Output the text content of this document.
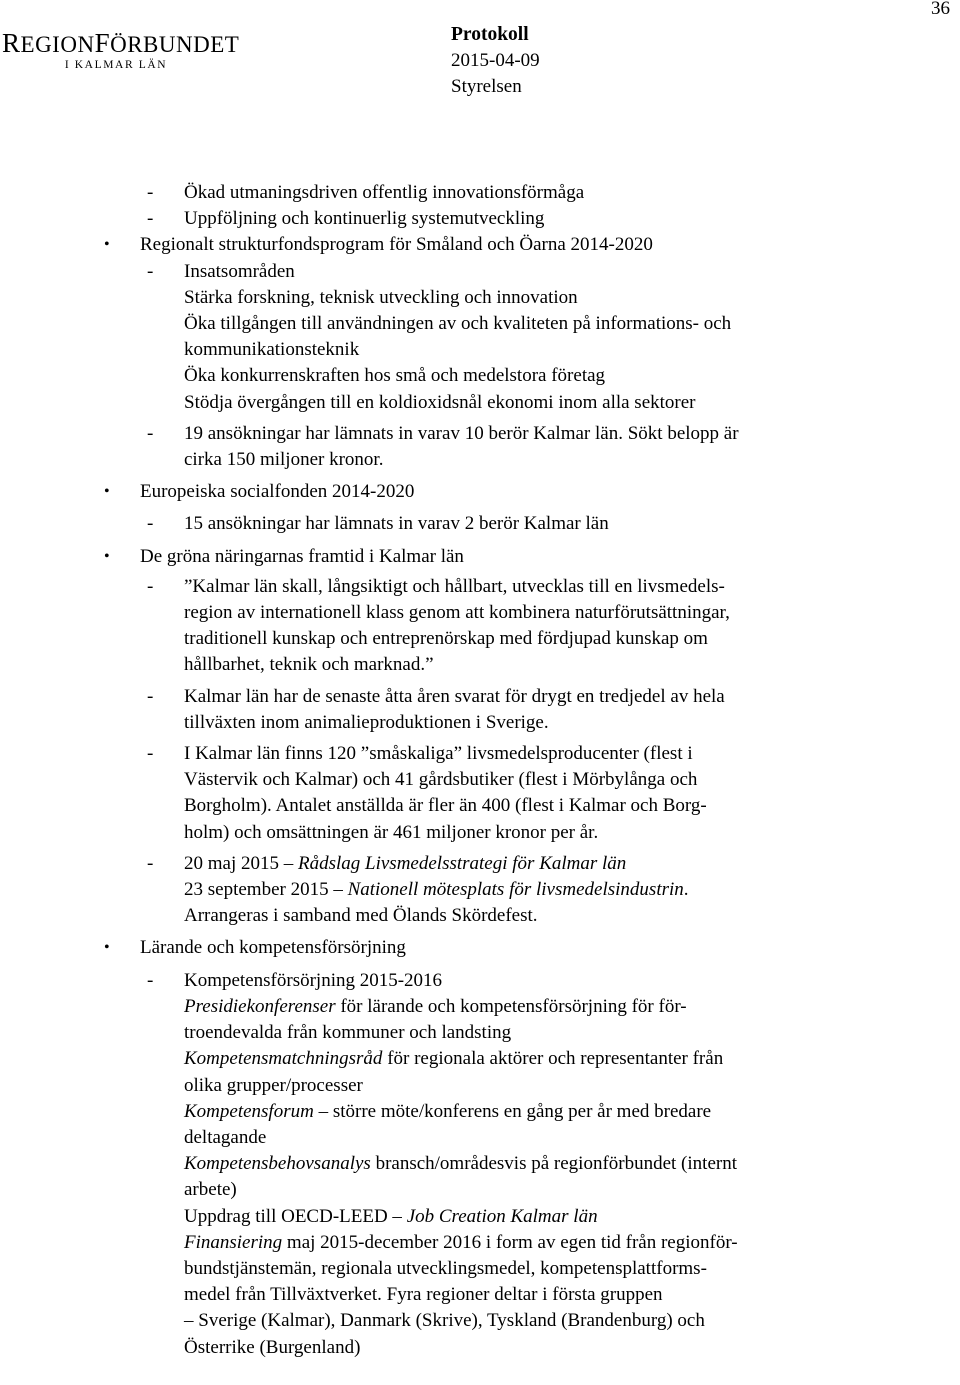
36
REGIONFÖRBUNDET
I KALMAR LÄN
Protokoll
2015-04-09
Styrelsen
- Ökad utmaningsdriven offentlig innovationsförmåga
- Uppföljning och kontinuerlig systemutveckling
• Regionalt strukturfondsprogram för Småland och Öarna 2014-2020
- Insatsområden
Stärka forskning, teknisk utveckling och innovation
Öka tillgången till användningen av och kvaliteten på informations- och
kommunikationsteknik
Öka konkurrenskraften hos små och medelstora företag
Stödja övergången till en koldioxidsnål ekonomi inom alla sektorer
- 19 ansökningar har lämnats in varav 10 berör Kalmar län. Sökt belopp är
cirka 150 miljoner kronor.
• Europeiska socialfonden 2014-2020
- 15 ansökningar har lämnats in varav 2 berör Kalmar län
• De gröna näringarnas framtid i Kalmar län
- ”Kalmar län skall, långsiktigt och hållbart, utvecklas till en livsmedels-
region av internationell klass genom att kombinera naturförutsättningar,
traditionell kunskap och entreprenörskap med fördjupad kunskap om
hållbarhet, teknik och marknad.”
- Kalmar län har de senaste åtta åren svarat för drygt en tredjedel av hela
tillväxten inom animalieproduktionen i Sverige.
- I Kalmar län finns 120 ”småskaliga” livsmedelsproducenter (flest i
Västervik och Kalmar) och 41 gårdsbutiker (flest i Mörbylånga och
Borgholm). Antalet anställda är fler än 400 (flest i Kalmar och Borg-
holm) och omsättningen är 461 miljoner kronor per år.
- 20 maj 2015 – Rådslag Livsmedelsstrategi för Kalmar län
23 september 2015 – Nationell mötesplats för livsmedelsindustrin.
Arrangeras i samband med Ölands Skördefest.
• Lärande och kompetensförsörjning
- Kompetensförsörjning 2015-2016
Presidiekonferenser för lärande och kompetensförsörjning för för-
troendevalda från kommuner och landsting
Kompetensmatchningsråd för regionala aktörer och representanter från
olika grupper/processer
Kompetensforum – större möte/konferens en gång per år med bredare
deltagande
Kompetensbehovsanalys bransch/områdesvis på regionförbundet (internt
arbete)
Uppdrag till OECD-LEED – Job Creation Kalmar län
Finansiering maj 2015-december 2016 i form av egen tid från regionför-
bundstjänstemän, regionala utvecklingsmedel, kompetensplattforms-
medel från Tillväxtverket. Fyra regioner deltar i första gruppen
– Sverige (Kalmar), Danmark (Skrive), Tyskland (Brandenburg) och
Österrike (Burgenland)
